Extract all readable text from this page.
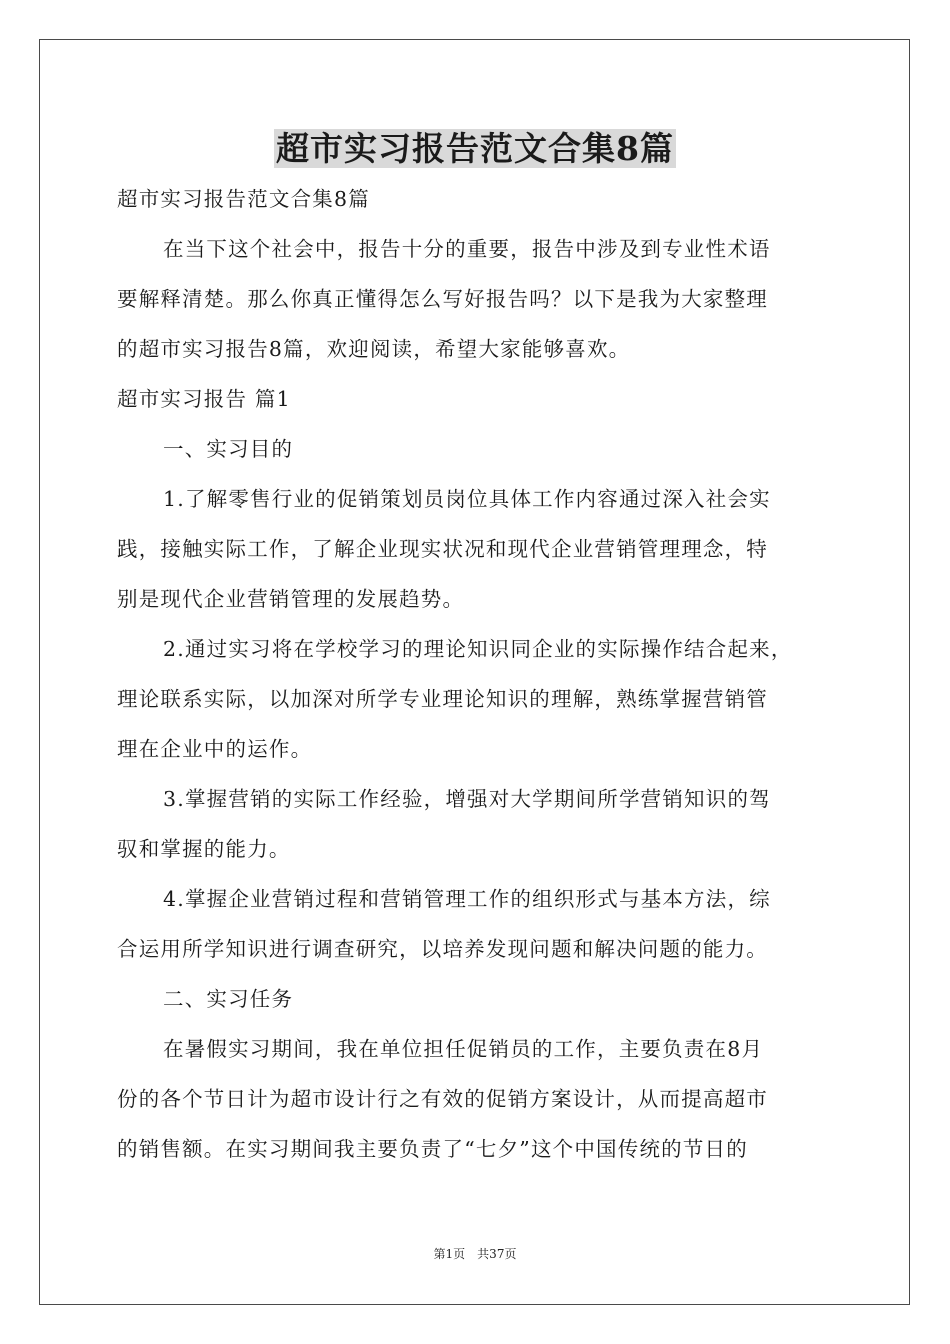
超市实习报告范文合集8篇
超市实习报告范文合集8篇
在当下这个社会中，报告十分的重要，报告中涉及到专业性术语
要解释清楚。那么你真正懂得怎么写好报告吗？以下是我为大家整理
的超市实习报告8篇，欢迎阅读，希望大家能够喜欢。
超市实习报告 篇1
一、实习目的
1.了解零售行业的促销策划员岗位具体工作内容通过深入社会实
践，接触实际工作，了解企业现实状况和现代企业营销管理理念，特
别是现代企业营销管理的发展趋势。
2.通过实习将在学校学习的理论知识同企业的实际操作结合起来，
理论联系实际，以加深对所学专业理论知识的理解，熟练掌握营销管
理在企业中的运作。
3.掌握营销的实际工作经验，增强对大学期间所学营销知识的驾
驭和掌握的能力。
4.掌握企业营销过程和营销管理工作的组织形式与基本方法，综
合运用所学知识进行调查研究，以培养发现问题和解决问题的能力。
二、实习任务
在暑假实习期间，我在单位担任促销员的工作，主要负责在8月
份的各个节日计为超市设计行之有效的促销方案设计，从而提高超市
的销售额。在实习期间我主要负责了“七夕”这个中国传统的节日的
第1页　共37页
